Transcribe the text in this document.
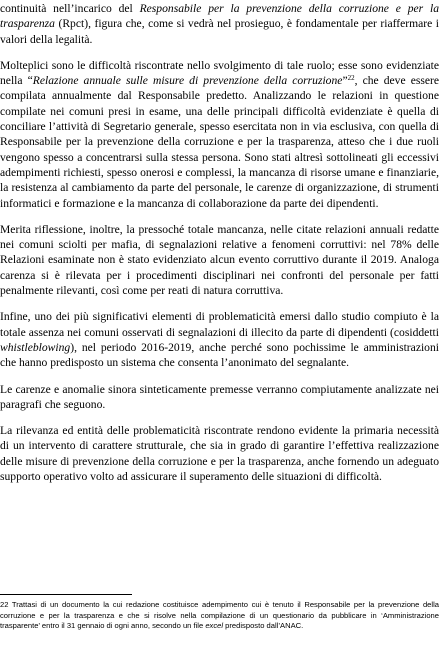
continuità nell’incarico del Responsabile per la prevenzione della corruzione e per la trasparenza (Rpct), figura che, come si vedrà nel prosieguo, è fondamentale per riaffermare i valori della legalità.

Molteplici sono le difficoltà riscontrate nello svolgimento di tale ruolo; esse sono evidenziate nella “Relazione annuale sulle misure di prevenzione della corruzione”$^{22}$, che deve essere compilata annualmente dal Responsabile predetto. Analizzando le relazioni in questione compilate nei comuni presi in esame, una delle principali difficoltà evidenziate è quella di conciliare l’attività di Segretario generale, spesso esercitata non in via esclusiva, con quella di Responsabile per la prevenzione della corruzione e per la trasparenza, atteso che i due ruoli vengono spesso a concentrarsi sulla stessa persona. Sono stati altresì sottolineati gli eccessivi adempimenti richiesti, spesso onerosi e complessi, la mancanza di risorse umane e finanziarie, la resistenza al cambiamento da parte del personale, le carenze di organizzazione, di strumenti informatici e formazione e la mancanza di collaborazione da parte dei dipendenti.

Merita riflessione, inoltre, la pressoché totale mancanza, nelle citate relazioni annuali redatte nei comuni sciolti per mafia, di segnalazioni relative a fenomeni corruttivi: nel 78% delle Relazioni esaminate non è stato evidenziato alcun evento corruttivo durante il 2019. Analoga carenza si è rilevata per i procedimenti disciplinari nei confronti del personale per fatti penalmente rilevanti, così come per reati di natura corruttiva.

Infine, uno dei più significativi elementi di problematicità emersi dallo studio compiuto è la totale assenza nei comuni osservati di segnalazioni di illecito da parte di dipendenti (cosiddetti whistleblowing), nel periodo 2016-2019, anche perché sono pochissime le amministrazioni che hanno predisposto un sistema che consenta l’anonimato del segnalante.

Le carenze e anomalie sinora sinteticamente premesse verranno compiutamente analizzate nei paragrafi che seguono.

La rilevanza ed entità delle problematicità riscontrate rendono evidente la primaria necessità di un intervento di carattere strutturale, che sia in grado di garantire l’effettiva realizzazione delle misure di prevenzione della corruzione e per la trasparenza, anche fornendo un adeguato supporto operativo volto ad assicurare il superamento delle situazioni di difficoltà.

22 Trattasi di un documento la cui redazione costituisce adempimento cui è tenuto il Responsabile per la prevenzione della corruzione e per la trasparenza e che si risolve nella compilazione di un questionario da pubblicare in ‘Amministrazione trasparente’ entro il 31 gennaio di ogni anno, secondo un file excel predisposto dall’ANAC.
